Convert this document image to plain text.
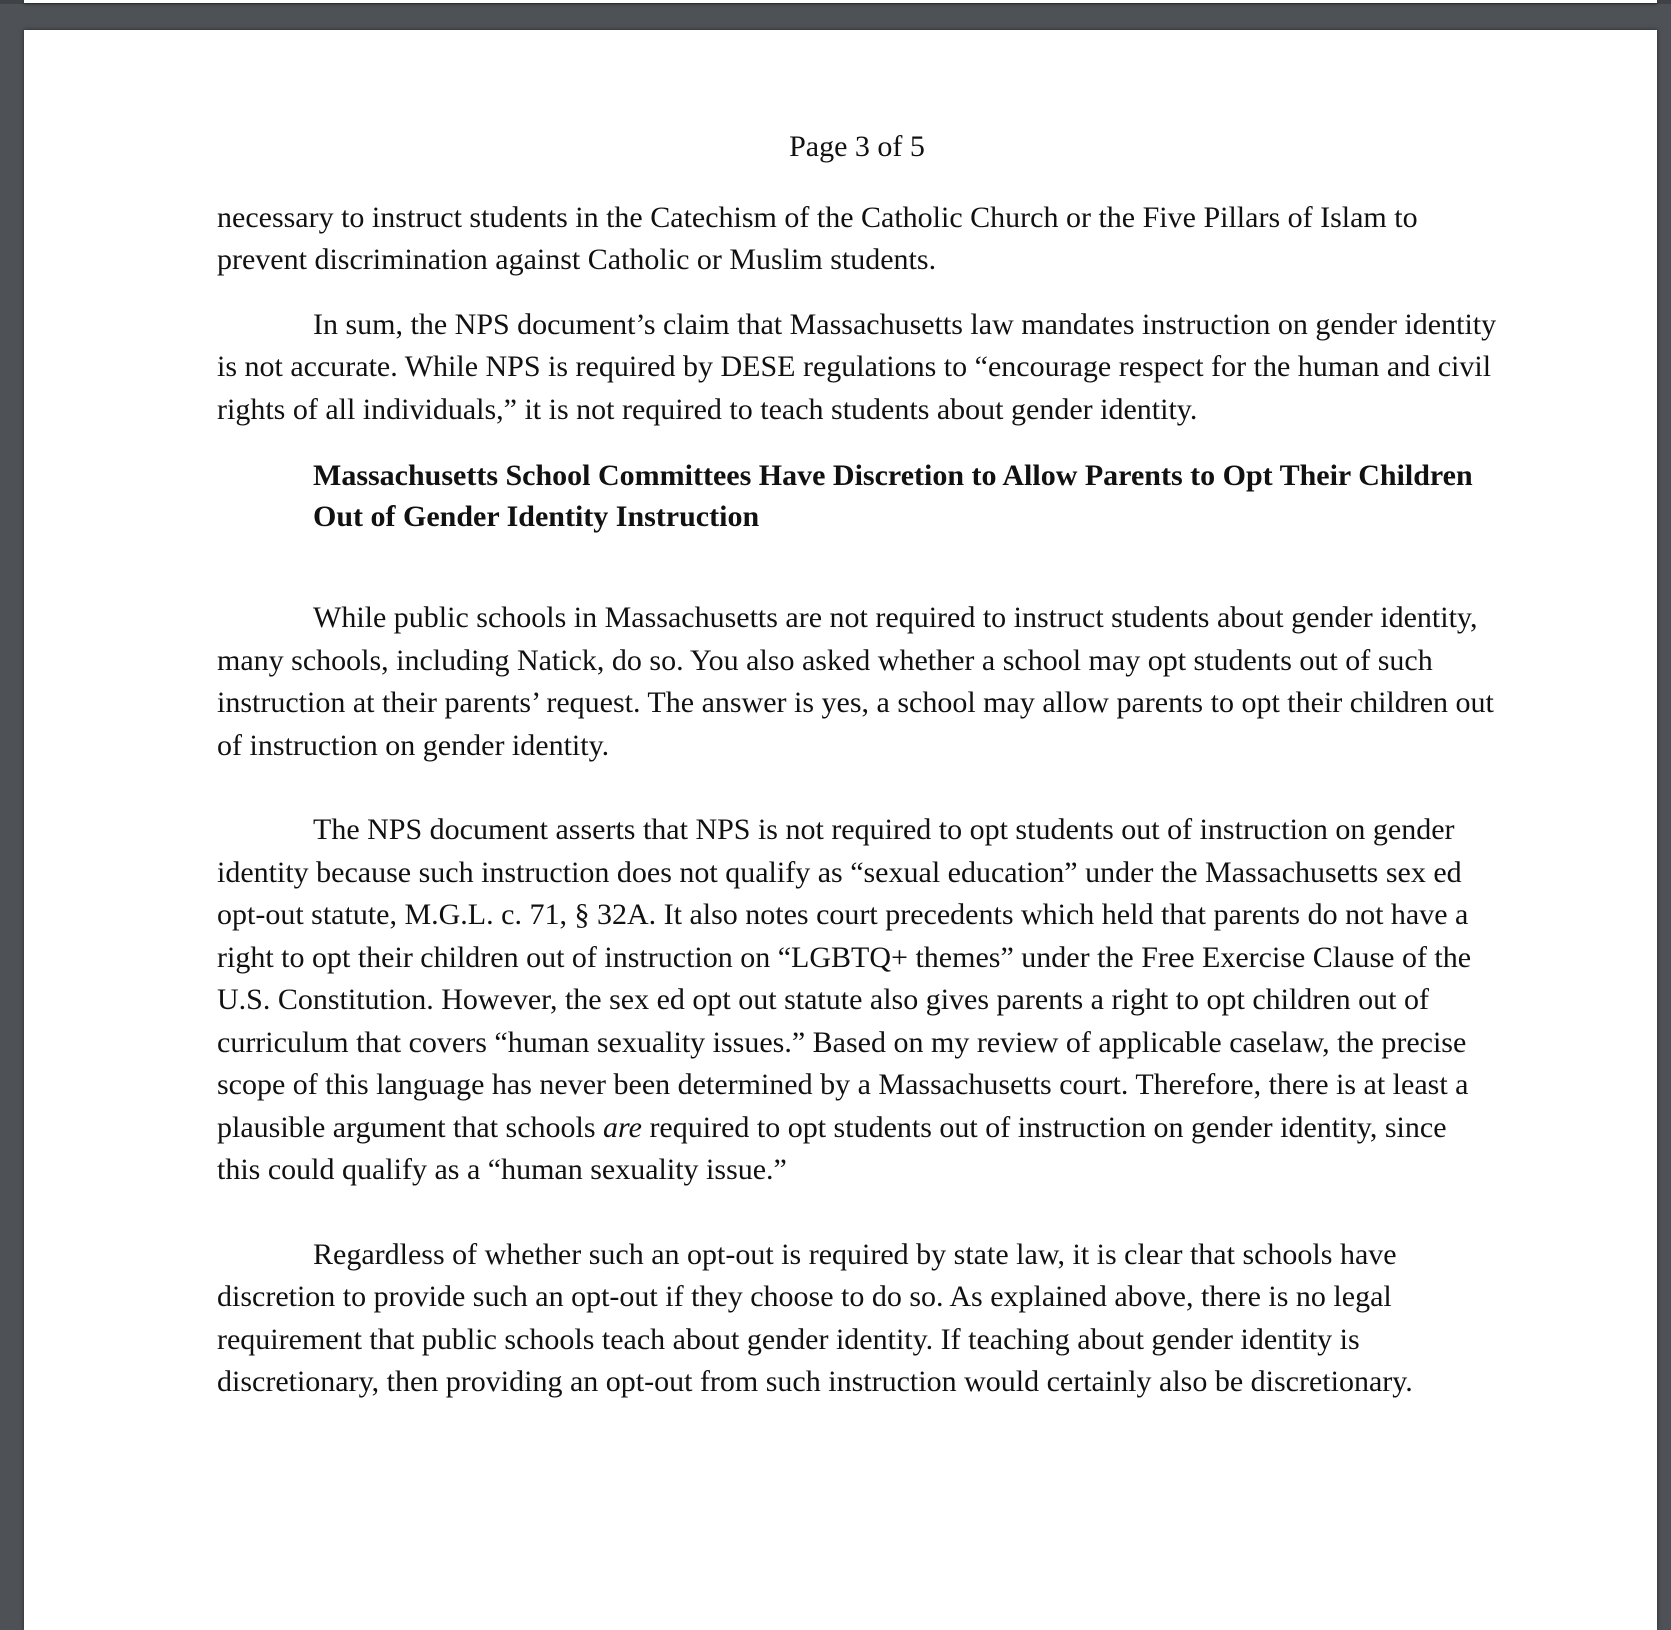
Page 3 of 5

necessary to instruct students in the Catechism of the Catholic Church or the Five Pillars of Islam to prevent discrimination against Catholic or Muslim students.

In sum, the NPS document’s claim that Massachusetts law mandates instruction on gender identity is not accurate. While NPS is required by DESE regulations to “encourage respect for the human and civil rights of all individuals,” it is not required to teach students about gender identity.

Massachusetts School Committees Have Discretion to Allow Parents to Opt Their Children Out of Gender Identity Instruction

While public schools in Massachusetts are not required to instruct students about gender identity, many schools, including Natick, do so. You also asked whether a school may opt students out of such instruction at their parents’ request. The answer is yes, a school may allow parents to opt their children out of instruction on gender identity.

The NPS document asserts that NPS is not required to opt students out of instruction on gender identity because such instruction does not qualify as “sexual education” under the Massachusetts sex ed opt-out statute, M.G.L. c. 71, § 32A. It also notes court precedents which held that parents do not have a right to opt their children out of instruction on “LGBTQ+ themes” under the Free Exercise Clause of the U.S. Constitution. However, the sex ed opt out statute also gives parents a right to opt children out of curriculum that covers “human sexuality issues.” Based on my review of applicable caselaw, the precise scope of this language has never been determined by a Massachusetts court. Therefore, there is at least a plausible argument that schools are required to opt students out of instruction on gender identity, since this could qualify as a “human sexuality issue.”

Regardless of whether such an opt-out is required by state law, it is clear that schools have discretion to provide such an opt-out if they choose to do so. As explained above, there is no legal requirement that public schools teach about gender identity. If teaching about gender identity is discretionary, then providing an opt-out from such instruction would certainly also be discretionary.
